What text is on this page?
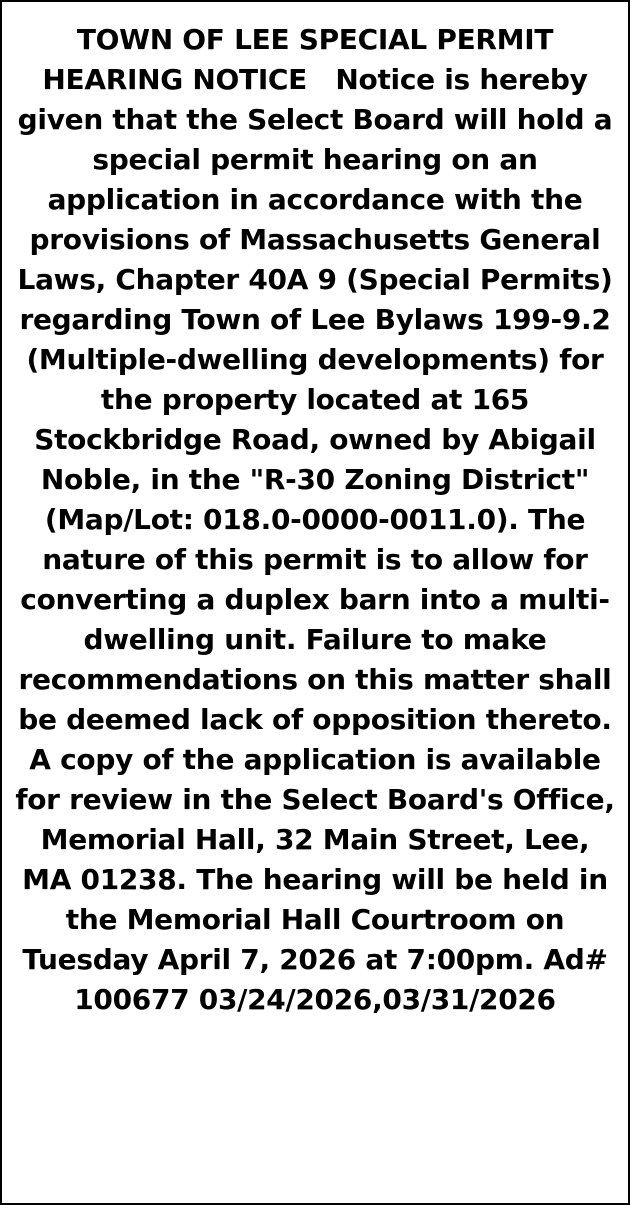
TOWN OF LEE SPECIAL PERMIT HEARING NOTICE Notice is hereby given that the Select Board will hold a special permit hearing on an application in accordance with the provisions of Massachusetts General Laws, Chapter 40A 9 (Special Permits) regarding Town of Lee Bylaws 199-9.2 (Multiple-dwelling developments) for the property located at 165 Stockbridge Road, owned by Abigail Noble, in the "R-30 Zoning District" (Map/Lot: 018.0-0000-0011.0). The nature of this permit is to allow for converting a duplex barn into a multi-dwelling unit. Failure to make recommendations on this matter shall be deemed lack of opposition thereto. A copy of the application is available for review in the Select Board's Office, Memorial Hall, 32 Main Street, Lee, MA 01238. The hearing will be held in the Memorial Hall Courtroom on Tuesday April 7, 2026 at 7:00pm. Ad# 100677 03/24/2026,03/31/2026
